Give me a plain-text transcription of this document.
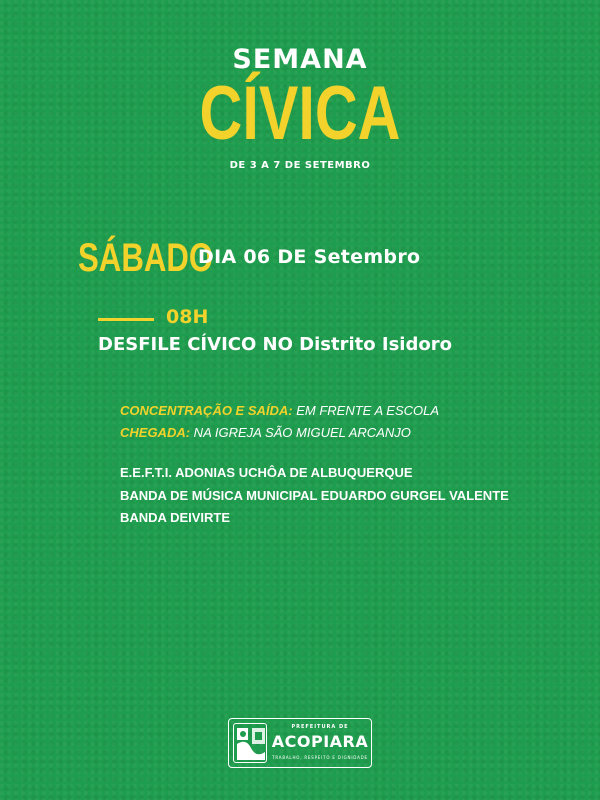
SEMANA
CÍVICA
DE 3 A 7 DE SETEMBRO
SÁBADO
DIA 06 DE Setembro
08H
DESFILE CÍVICO NO Distrito Isidoro
CONCENTRAÇÃO E SAÍDA: EM FRENTE A ESCOLA
CHEGADA: NA IGREJA SÃO MIGUEL ARCANJO
E.E.F.T.I. ADONIAS UCHÔA DE ALBUQUERQUE
BANDA DE MÚSICA MUNICIPAL EDUARDO GURGEL VALENTE
BANDA DEIVIRTE
PREFEITURA DE
ACOPIARA
TRABALHO, RESPEITO E DIGNIDADE
